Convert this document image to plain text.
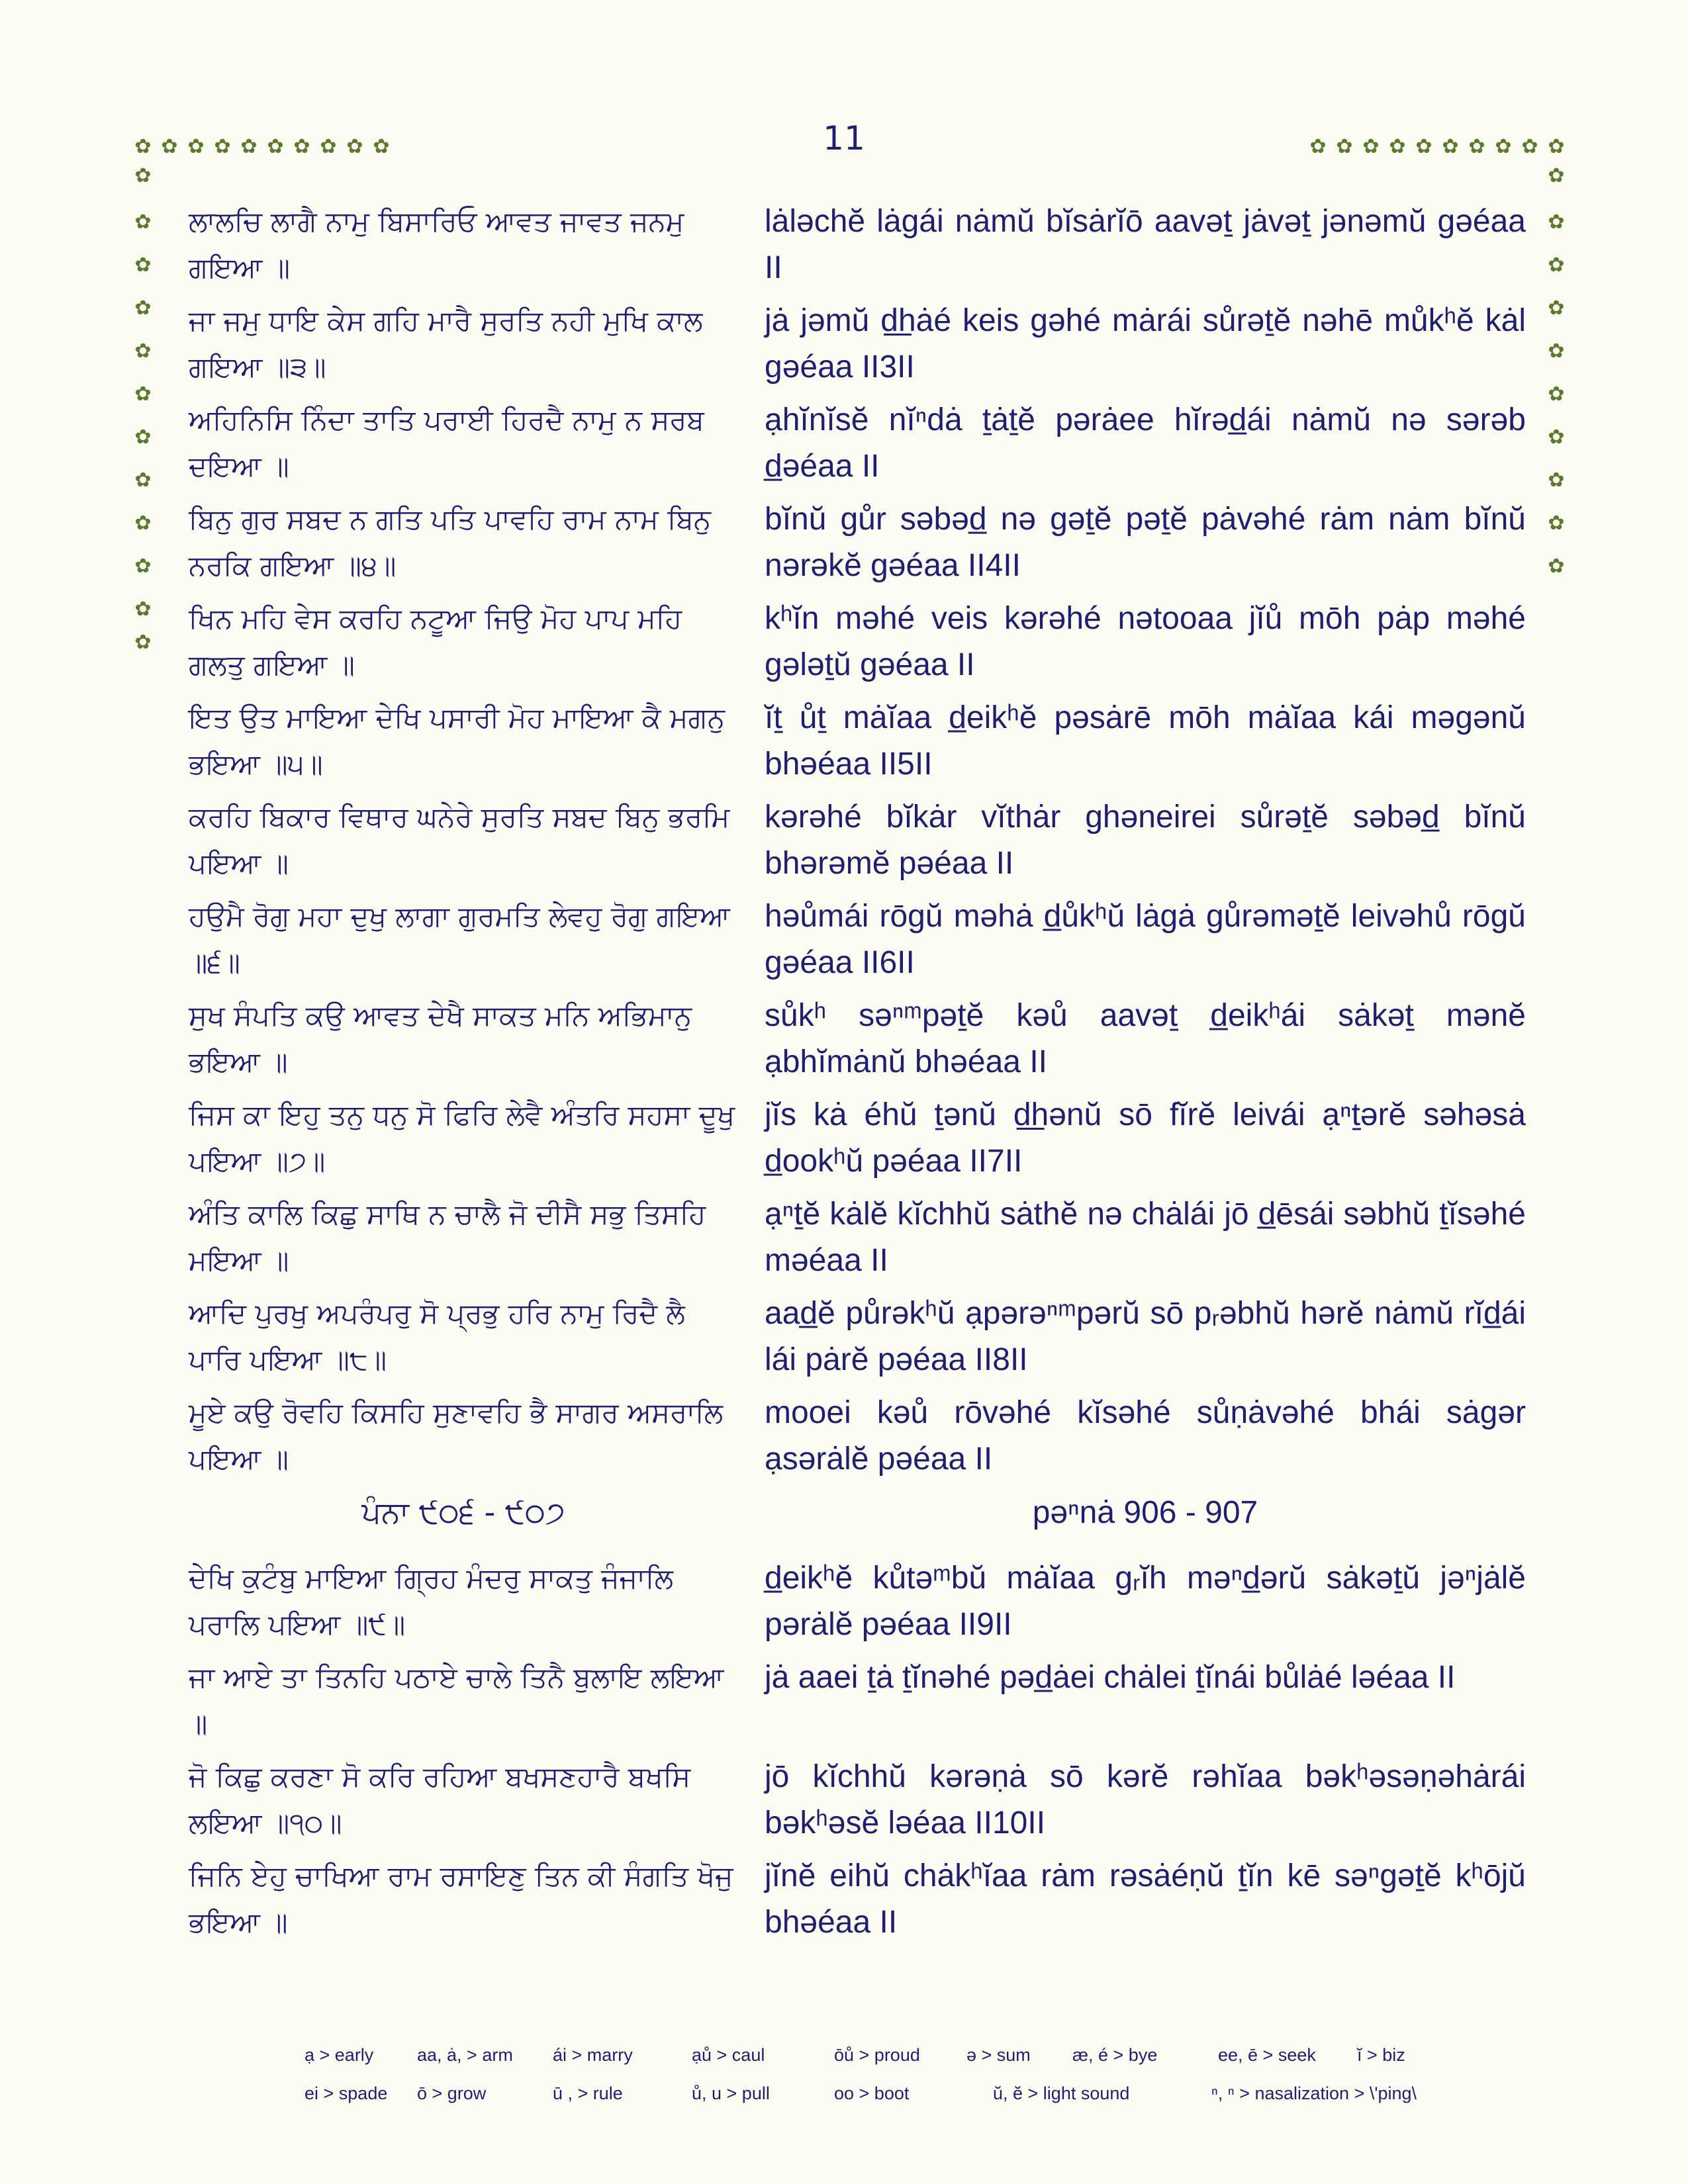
11
✿ ✿ ✿ ✿ ✿ ✿ ✿ ✿ ✿ ✿	✿ ✿ ✿ ✿ ✿ ✿ ✿ ✿ ✿ ✿
✿
✿
✿
✿
✿
✿
✿
✿
✿
✿
✿
✿
✿
✿
✿
✿
✿
✿
✿
✿
✿
✿
ਲਾਲਚਿ ਲਾਗੈ ਨਾਮੁ ਬਿਸਾਰਿਓ ਆਵਤ ਜਾਵਤ ਜਨਮੁ ਗਇਆ ॥
lȧləchĕ lȧgái nȧmŭ bĭsȧrĭō aavəṯ jȧvəṯ jənəmŭ gəéaa II
ਜਾ ਜਮੁ ਧਾਇ ਕੇਸ ਗਹਿ ਮਾਰੈ ਸੁਰਤਿ ਨਹੀ ਮੁਖਿ ਕਾਲ ਗਇਆ ॥੩॥
jȧ jəmŭ d͟hȧé keis gəhé mȧrái sůrəṯĕ nəhē můkʰĕ kȧl gəéaa II3II
ਅਹਿਨਿਸਿ ਨਿੰਦਾ ਤਾਤਿ ਪਰਾਈ ਹਿਰਦੈ ਨਾਮੁ ਨ ਸਰਬ ਦਇਆ ॥
ạhĭnĭsĕ nĭⁿdȧ ṯȧṯĕ pərȧee hĭrəd̲ái nȧmŭ nə sərəb d̲əéaa II
ਬਿਨੁ ਗੁਰ ਸਬਦ ਨ ਗਤਿ ਪਤਿ ਪਾਵਹਿ ਰਾਮ ਨਾਮ ਬਿਨੁ ਨਰਕਿ ਗਇਆ ॥੪॥
bĭnŭ gůr səbəd̲ nə gəṯĕ pəṯĕ pȧvəhé rȧm nȧm bĭnŭ nərəkĕ gəéaa II4II
ਖਿਨ ਮਹਿ ਵੇਸ ਕਰਹਿ ਨਟੂਆ ਜਿਉ ਮੋਹ ਪਾਪ ਮਹਿ ਗਲਤੁ ਗਇਆ ॥
kʰĭn məhé veis kərəhé nətooaa jĭů mōh pȧp məhé gələṯŭ gəéaa II
ਇਤ ਉਤ ਮਾਇਆ ਦੇਖਿ ਪਸਾਰੀ ਮੋਹ ਮਾਇਆ ਕੈ ਮਗਨੁ ਭਇਆ ॥੫॥
ĭṯ ůṯ mȧĭaa d̲eikʰĕ pəsȧrē mōh mȧĭaa kái məgənŭ bhəéaa II5II
ਕਰਹਿ ਬਿਕਾਰ ਵਿਥਾਰ ਘਨੇਰੇ ਸੁਰਤਿ ਸਬਦ ਬਿਨੁ ਭਰਮਿ ਪਇਆ ॥
kərəhé bĭkȧr vĭthȧr ghəneirei sůrəṯĕ səbəd̲ bĭnŭ bhərəmĕ pəéaa II
ਹਉਮੈ ਰੋਗੁ ਮਹਾ ਦੁਖੁ ਲਾਗਾ ਗੁਰਮਤਿ ਲੇਵਹੁ ਰੋਗੁ ਗਇਆ ॥੬॥
həůmái rōgŭ məhȧ d̲ůkʰŭ lȧgȧ gůrəməṯĕ leivəhů rōgŭ gəéaa II6II
ਸੁਖ ਸੰਪਤਿ ਕਉ ਆਵਤ ਦੇਖੈ ਸਾਕਤ ਮਨਿ ਅਭਿਮਾਨੁ ਭਇਆ ॥
sůkʰ səⁿᵐpəṯĕ kəů aavəṯ d̲eikʰái sȧkəṯ mənĕ ạbhĭmȧnŭ bhəéaa II
ਜਿਸ ਕਾ ਇਹੁ ਤਨੁ ਧਨੁ ਸੋ ਫਿਰਿ ਲੇਵੈ ਅੰਤਰਿ ਸਹਸਾ ਦੂਖੁ ਪਇਆ ॥੭॥
jĭs kȧ éhŭ ṯənŭ d͟hənŭ sō fĭrĕ leivái ạⁿṯərĕ səhəsȧ d̲ookʰŭ pəéaa II7II
ਅੰਤਿ ਕਾਲਿ ਕਿਛੁ ਸਾਥਿ ਨ ਚਾਲੈ ਜੋ ਦੀਸੈ ਸਭੁ ਤਿਸਹਿ ਮਇਆ ॥
ạⁿṯĕ kȧlĕ kĭchhŭ sȧthĕ nə chȧlái jō d̲ēsái səbhŭ ṯĭsəhé məéaa II
ਆਦਿ ਪੁਰਖੁ ਅਪਰੰਪਰੁ ਸੋ ਪ੍ਰਭੁ ਹਰਿ ਨਾਮੁ ਰਿਦੈ ਲੈ ਪਾਰਿ ਪਇਆ ॥੮॥
aad̲ĕ půrəkʰŭ ạpərəⁿᵐpərŭ sō pᵣəbhŭ hərĕ nȧmŭ rĭd̲ái lái pȧrĕ pəéaa II8II
ਮੂਏ ਕਉ ਰੋਵਹਿ ਕਿਸਹਿ ਸੁਣਾਵਹਿ ਭੈ ਸਾਗਰ ਅਸਰਾਲਿ ਪਇਆ ॥
mooei kəů rōvəhé kĭsəhé sůṇȧvəhé bhái sȧgər ạsərȧlĕ pəéaa II
ਪੰਨਾ ੯੦੬ - ੯੦੭	pəⁿnȧ 906 - 907
ਦੇਖਿ ਕੁਟੰਬੁ ਮਾਇਆ ਗ੍ਰਿਹ ਮੰਦਰੁ ਸਾਕਤੁ ਜੰਜਾਲਿ ਪਰਾਲਿ ਪਇਆ ॥੯॥
d̲eikʰĕ kůtəᵐbŭ mȧĭaa gᵣĭh məⁿd̲ərŭ sȧkəṯŭ jəⁿjȧlĕ pərȧlĕ pəéaa II9II
ਜਾ ਆਏ ਤਾ ਤਿਨਹਿ ਪਠਾਏ ਚਾਲੇ ਤਿਨੈ ਬੁਲਾਇ ਲਇਆ ॥
jȧ aaei ṯȧ ṯĭnəhé pəd̲ȧei chȧlei ṯĭnái bůlȧé ləéaa II
ਜੋ ਕਿਛੁ ਕਰਣਾ ਸੋ ਕਰਿ ਰਹਿਆ ਬਖਸਣਹਾਰੈ ਬਖਸਿ ਲਇਆ ॥੧੦॥
jō kĭchhŭ kərəṇȧ sō kərĕ rəhĭaa bəkʰəsəṇəhȧrái bəkʰəsĕ ləéaa II10II
ਜਿਨਿ ਏਹੁ ਚਾਖਿਆ ਰਾਮ ਰਸਾਇਣੁ ਤਿਨ ਕੀ ਸੰਗਤਿ ਖੋਜੁ ਭਇਆ ॥
jĭnĕ eihŭ chȧkʰĭaa rȧm rəsȧéṇŭ ṯĭn kē səⁿgəṯĕ kʰōjŭ bhəéaa II
ạ > early aa, ȧ, > arm ái > marry	ạů > caul	ōů > proud	ə > sum æ, é > bye	ee, ē > seek ĭ > biz
ei > spade ō > grow	ū , > rule	ů, u > pull	oo > boot	ŭ, ĕ > light sound	ⁿ, ⁿ > nasalization > \'ping\
